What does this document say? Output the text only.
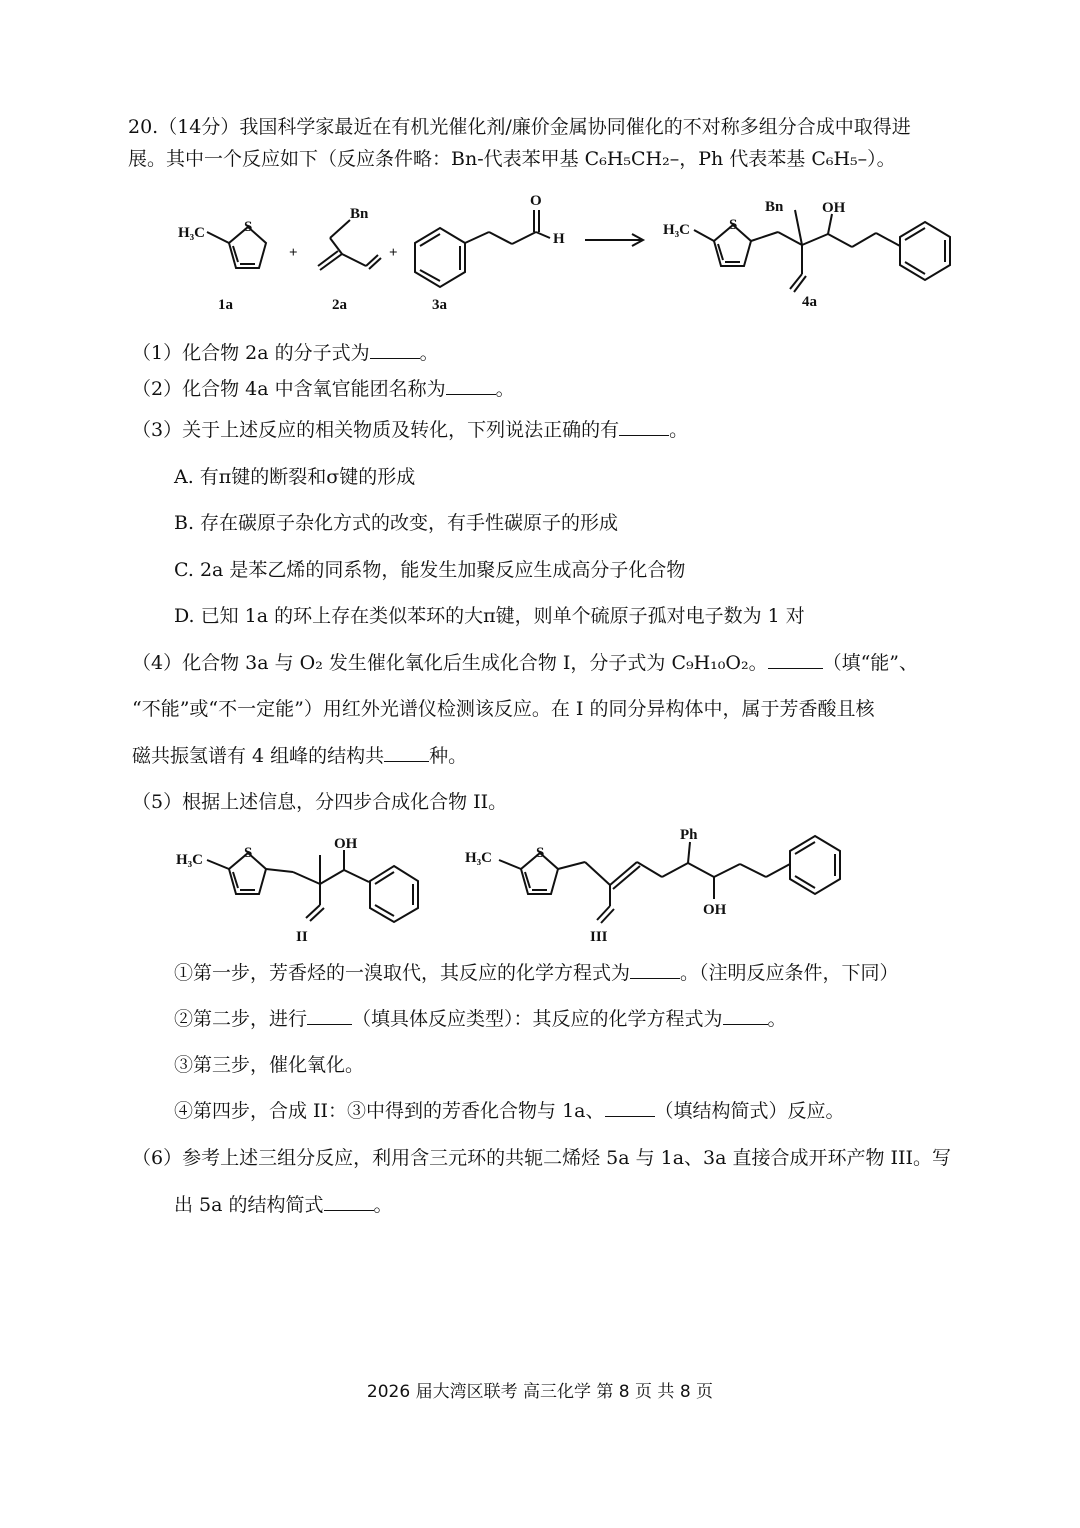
20.（14分）我国科学家最近在有机光催化剂/廉价金属协同催化的不对称多组分合成中取得进
展。其中一个反应如下（反应条件略：Bn-代表苯甲基 C₆H₅CH₂–，Ph 代表苯基 C₆H₅–）。
S
H₃C
+
Bn
+
O
H
S
H₃C
Bn	OH
1a	2a	3a	4a
（1）化合物 2a 的分子式为	。
（2）化合物 4a 中含氧官能团名称为	。
（3）关于上述反应的相关物质及转化，下列说法正确的有	。
A. 有π键的断裂和σ键的形成
B. 存在碳原子杂化方式的改变，有手性碳原子的形成
C. 2a 是苯乙烯的同系物，能发生加聚反应生成高分子化合物
D. 已知 1a 的环上存在类似苯环的大π键，则单个硫原子孤对电子数为 1 对
（4）化合物 3a 与 O₂ 发生催化氧化后生成化合物 I，分子式为 C₉H₁₀O₂。	（填“能”、
“不能”或“不一定能”）用红外光谱仪检测该反应。在 I 的同分异构体中，属于芳香酸且核
磁共振氢谱有 4 组峰的结构共 种。
（5）根据上述信息，分四步合成化合物 II。
S
H₃C
OH
S
H₃C
Ph
OH
II	III
①第一步，芳香烃的一溴取代，其反应的化学方程式为	。（注明反应条件，下同）
②第二步，进行 （填具体反应类型）：其反应的化学方程式为 。
③第三步，催化氧化。
④第四步，合成 II：③中得到的芳香化合物与 1a、	（填结构简式）反应。
（6）参考上述三组分反应，利用含三元环的共轭二烯烃 5a 与 1a、3a 直接合成开环产物 III。写
出 5a 的结构简式	。
2026 届大湾区联考 高三化学 第 8 页 共 8 页
